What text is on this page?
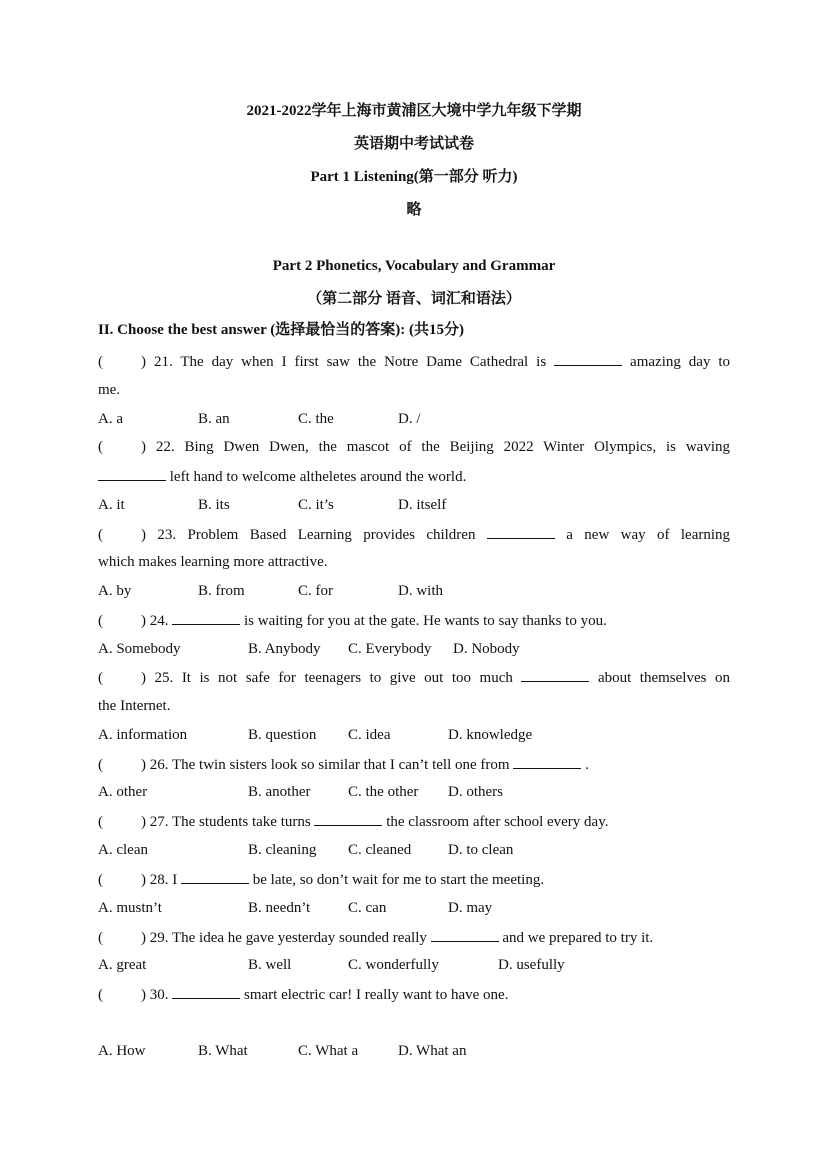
2021-2022学年上海市黄浦区大境中学九年级下学期
英语期中考试试卷
Part 1 Listening(第一部分 听力)
略
Part 2 Phonetics, Vocabulary and Grammar
（第二部分 语音、词汇和语法）
II. Choose the best answer (选择最恰当的答案): (共15分)
(	) 21. The day when I first saw the Notre Dame Cathedral is	amazing day to
me.
A. a	B. an	C. the	D. /
(	) 22. Bing Dwen Dwen, the mascot of the Beijing 2022 Winter Olympics, is waving
left hand to welcome altheletes around the world.
A. it	B. its	C. it’s	D. itself
(	) 23. Problem Based Learning provides children	a new way of learning
which makes learning more attractive.
A. by	B. from	C. for	D. with
(	) 24.	is waiting for you at the gate. He wants to say thanks to you.
A. Somebody	B. Anybody C. Everybody D. Nobody
(	) 25. It is not safe for teenagers to give out too much	about themselves on
the Internet.
A. information	B. question C. idea	D. knowledge
(	) 26. The twin sisters look so similar that I can’t tell one from	.
A. other	B. another	C. the other D. others
(	) 27. The students take turns	the classroom after school every day.
A. clean	B. cleaning C. cleaned D. to clean
(	) 28. I	be late, so don’t wait for me to start the meeting.
A. mustn’t	B. needn’t	C. can	D. may
(	) 29. The idea he gave yesterday sounded really	and we prepared to try it.
A. great	B. well	C. wonderfully	D. usefully
(	) 30.	smart electric car! I really want to have one.
A. How	B. What	C. What a	D. What an
